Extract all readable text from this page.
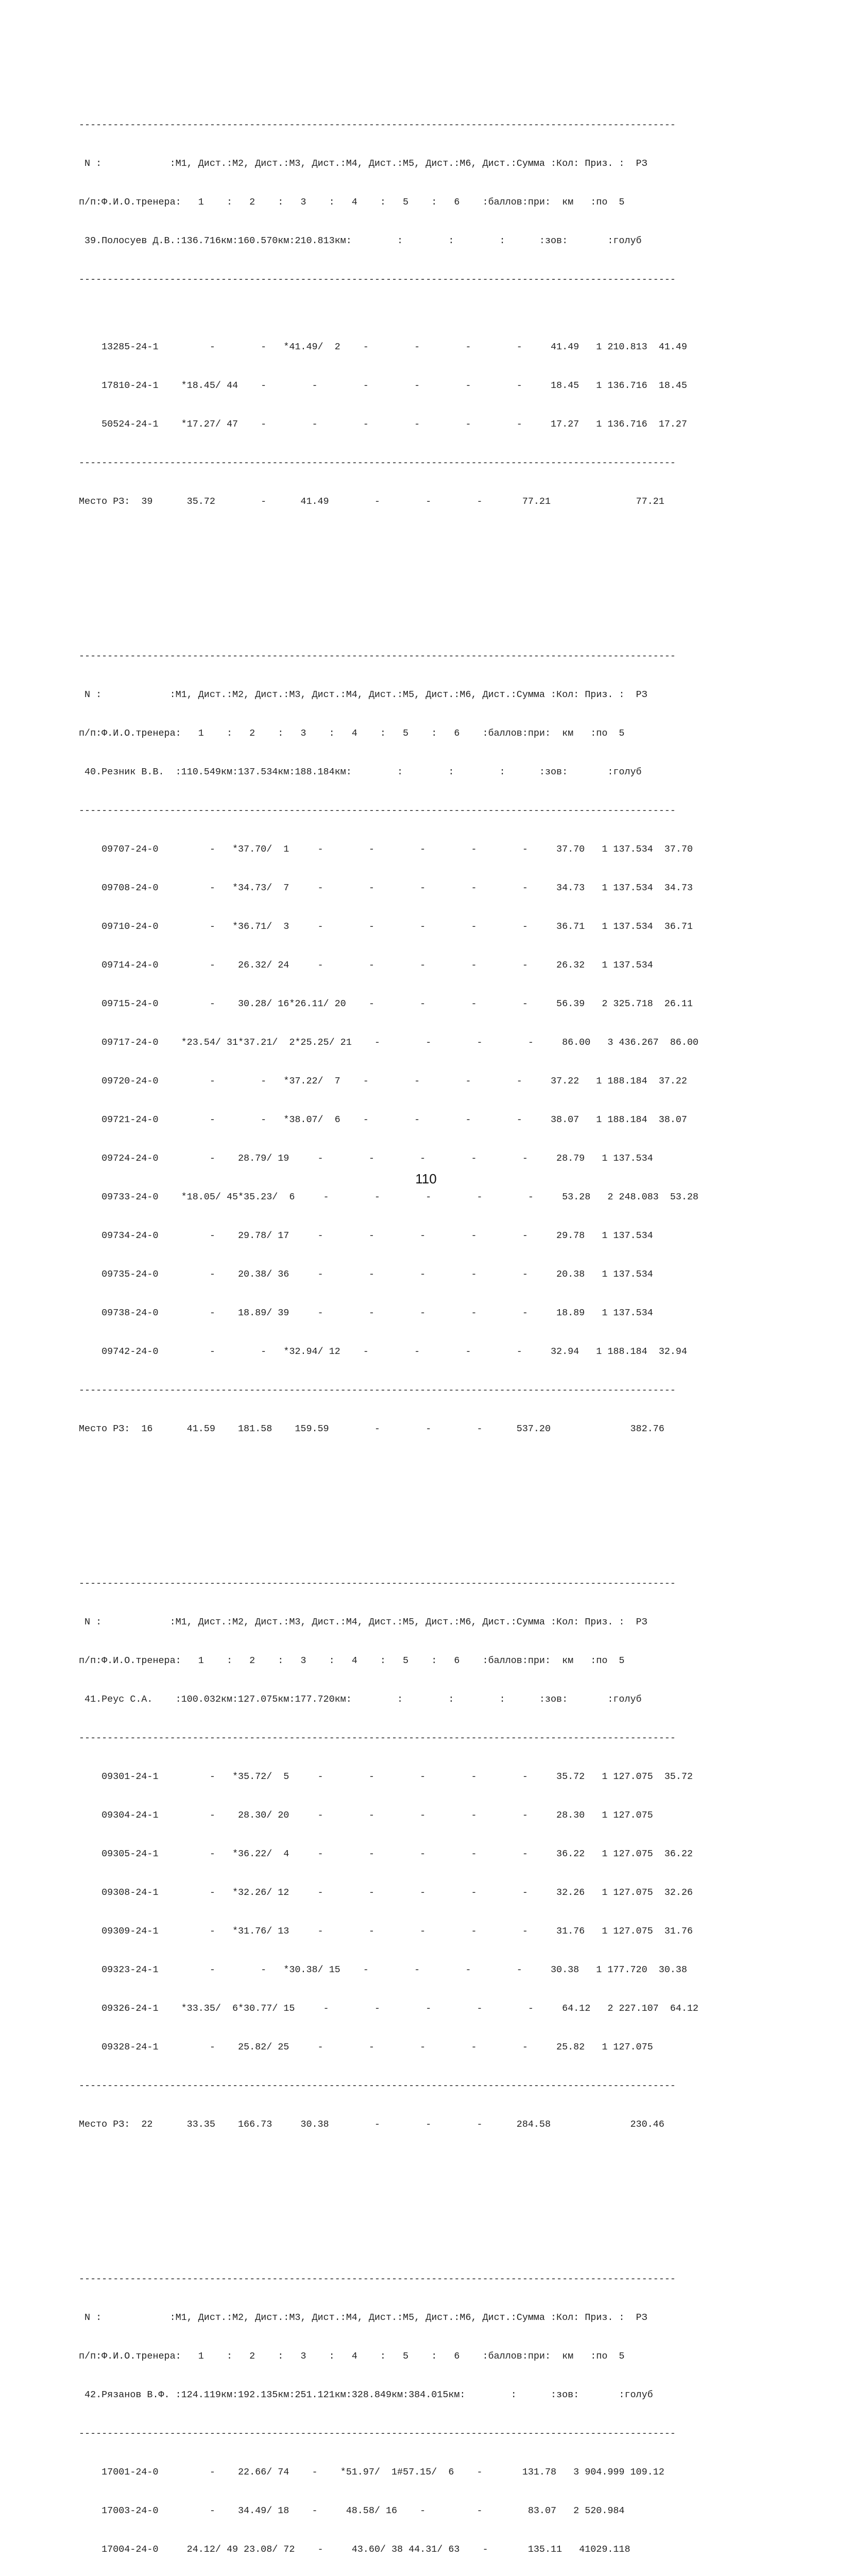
---------------------------------------------------------------------------------------------------------

N :            :М1, Дист.:М2, Дист.:М3, Дист.:М4, Дист.:М5, Дист.:М6, Дист.:Сумма :Кол: Приз. :  РЗ

п/п:Ф.И.О.тренера:   1    :   2    :   3    :   4    :   5    :   6    :баллов:при:  км   :по  5

39.Полосуев Д.В.:136.716км:160.570км:210.813км:        :        :        :      :зов:       :голуб

---------------------------------------------------------------------------------------------------------

13285-24-1         -        -   *41.49/  2    -        -        -        -     41.49   1 210.813  41.49

17810-24-1    *18.45/ 44    -        -        -        -        -        -     18.45   1 136.716  18.45

50524-24-1    *17.27/ 47    -        -        -        -        -        -     17.27   1 136.716  17.27

---------------------------------------------------------------------------------------------------------

Место РЗ:  39      35.72        -      41.49        -        -        -       77.21               77.21

---------------------------------------------------------------------------------------------------------

N :            :М1, Дист.:М2, Дист.:М3, Дист.:М4, Дист.:М5, Дист.:М6, Дист.:Сумма :Кол: Приз. :  РЗ

п/п:Ф.И.О.тренера:   1    :   2    :   3    :   4    :   5    :   6    :баллов:при:  км   :по  5

40.Резник В.В.  :110.549км:137.534км:188.184км:        :        :        :      :зов:       :голуб

---------------------------------------------------------------------------------------------------------

09707-24-0         -   *37.70/  1     -        -        -        -        -     37.70   1 137.534  37.70

09708-24-0         -   *34.73/  7     -        -        -        -        -     34.73   1 137.534  34.73

09710-24-0         -   *36.71/  3     -        -        -        -        -     36.71   1 137.534  36.71

09714-24-0         -    26.32/ 24     -        -        -        -        -     26.32   1 137.534

09715-24-0         -    30.28/ 16*26.11/ 20    -        -        -        -     56.39   2 325.718  26.11

09717-24-0    *23.54/ 31*37.21/  2*25.25/ 21    -        -        -        -     86.00   3 436.267  86.00

09720-24-0         -        -   *37.22/  7    -        -        -        -     37.22   1 188.184  37.22

09721-24-0         -        -   *38.07/  6    -        -        -        -     38.07   1 188.184  38.07

09724-24-0         -    28.79/ 19     -        -        -        -        -     28.79   1 137.534

09733-24-0    *18.05/ 45*35.23/  6     -        -        -        -        -     53.28   2 248.083  53.28

09734-24-0         -    29.78/ 17     -        -        -        -        -     29.78   1 137.534

09735-24-0         -    20.38/ 36     -        -        -        -        -     20.38   1 137.534

09738-24-0         -    18.89/ 39     -        -        -        -        -     18.89   1 137.534

09742-24-0         -        -   *32.94/ 12    -        -        -        -     32.94   1 188.184  32.94

---------------------------------------------------------------------------------------------------------

Место РЗ:  16      41.59    181.58    159.59        -        -        -      537.20              382.76

---------------------------------------------------------------------------------------------------------

N :            :М1, Дист.:М2, Дист.:М3, Дист.:М4, Дист.:М5, Дист.:М6, Дист.:Сумма :Кол: Приз. :  РЗ

п/п:Ф.И.О.тренера:   1    :   2    :   3    :   4    :   5    :   6    :баллов:при:  км   :по  5

41.Реус С.А.    :100.032км:127.075км:177.720км:        :        :        :      :зов:       :голуб

---------------------------------------------------------------------------------------------------------

09301-24-1         -   *35.72/  5     -        -        -        -        -     35.72   1 127.075  35.72

09304-24-1         -    28.30/ 20     -        -        -        -        -     28.30   1 127.075

09305-24-1         -   *36.22/  4     -        -        -        -        -     36.22   1 127.075  36.22

09308-24-1         -   *32.26/ 12     -        -        -        -        -     32.26   1 127.075  32.26

09309-24-1         -   *31.76/ 13     -        -        -        -        -     31.76   1 127.075  31.76

09323-24-1         -        -   *30.38/ 15    -        -        -        -     30.38   1 177.720  30.38

09326-24-1    *33.35/  6*30.77/ 15     -        -        -        -        -     64.12   2 227.107  64.12

09328-24-1         -    25.82/ 25     -        -        -        -        -     25.82   1 127.075

---------------------------------------------------------------------------------------------------------

Место РЗ:  22      33.35    166.73     30.38        -        -        -      284.58              230.46

---------------------------------------------------------------------------------------------------------

N :            :М1, Дист.:М2, Дист.:М3, Дист.:М4, Дист.:М5, Дист.:М6, Дист.:Сумма :Кол: Приз. :  РЗ

п/п:Ф.И.О.тренера:   1    :   2    :   3    :   4    :   5    :   6    :баллов:при:  км   :по  5

42.Рязанов В.Ф. :124.119км:192.135км:251.121км:328.849км:384.015км:        :      :зов:       :голуб

---------------------------------------------------------------------------------------------------------

17001-24-0         -    22.66/ 74    -    *51.97/  1#57.15/  6    -       131.78   3 904.999 109.12

17003-24-0         -    34.49/ 18    -     48.58/ 16    -         -        83.07   2 520.984

17004-24-0     24.12/ 49 23.08/ 72    -     43.60/ 38 44.31/ 63    -       135.11   41029.118

110
